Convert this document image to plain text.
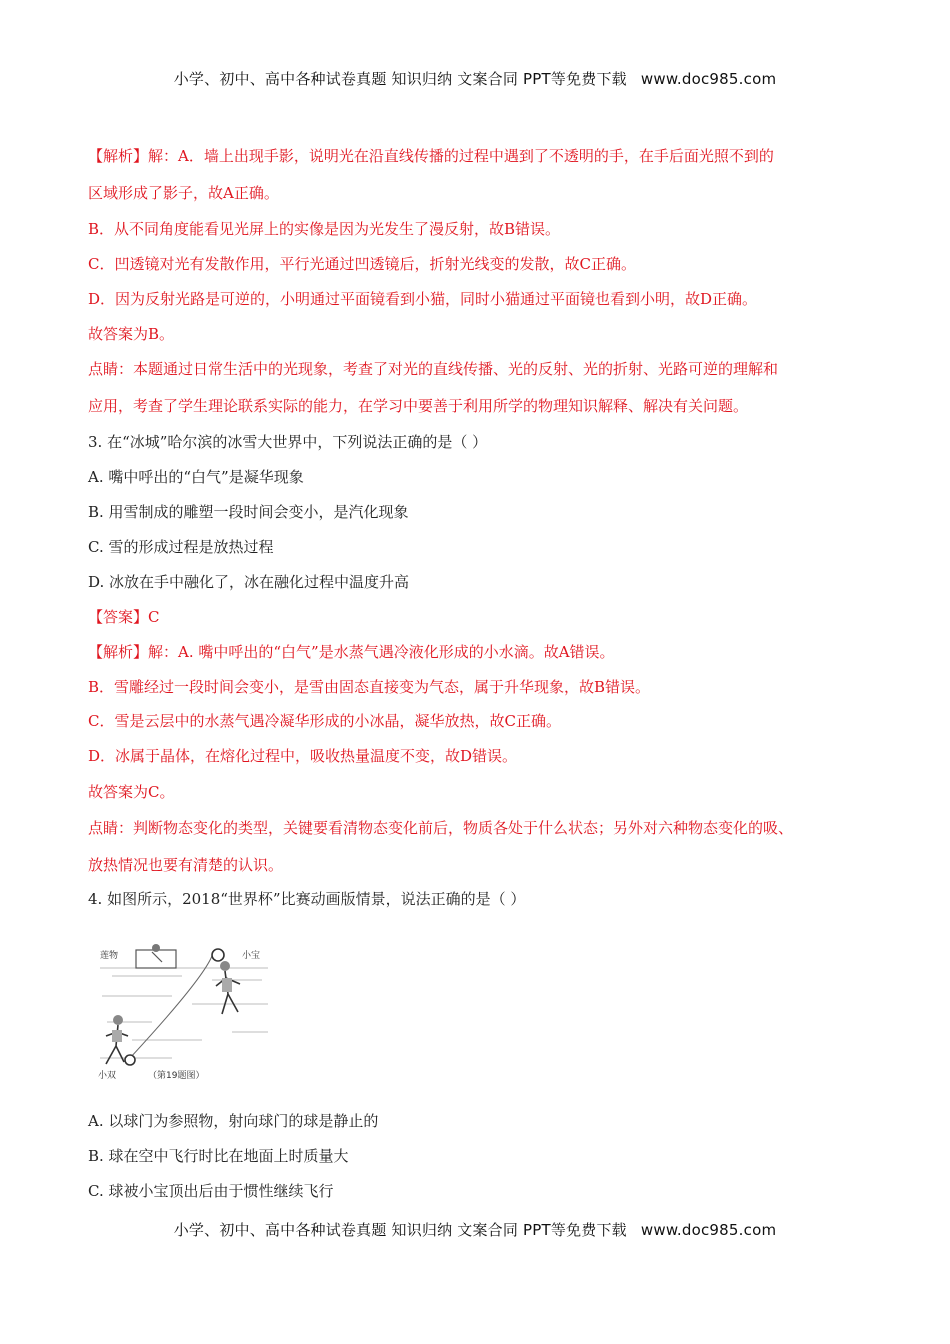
小学、初中、高中各种试卷真题 知识归纳 文案合同 PPT等免费下载 www.doc985.com
【解析】解：A．墙上出现手影，说明光在沿直线传播的过程中遇到了不透明的手，在手后面光照不到的
区域形成了影子，故A正确。
B．从不同角度能看见光屏上的实像是因为光发生了漫反射，故B错误。
C．凹透镜对光有发散作用，平行光通过凹透镜后，折射光线变的发散，故C正确。
D．因为反射光路是可逆的，小明通过平面镜看到小猫，同时小猫通过平面镜也看到小明，故D正确。
故答案为B。
点睛：本题通过日常生活中的光现象，考查了对光的直线传播、光的反射、光的折射、光路可逆的理解和
应用，考查了学生理论联系实际的能力，在学习中要善于利用所学的物理知识解释、解决有关问题。
3. 在“冰城”哈尔滨的冰雪大世界中，下列说法正确的是（ ）
A. 嘴中呼出的“白气”是凝华现象
B. 用雪制成的雕塑一段时间会变小，是汽化现象
C. 雪的形成过程是放热过程
D. 冰放在手中融化了，冰在融化过程中温度升高
【答案】C
【解析】解：A. 嘴中呼出的“白气”是水蒸气遇冷液化形成的小水滴。故A错误。
B．雪雕经过一段时间会变小，是雪由固态直接变为气态，属于升华现象，故B错误。
C．雪是云层中的水蒸气遇冷凝华形成的小冰晶，凝华放热，故C正确。
D．冰属于晶体，在熔化过程中，吸收热量温度不变，故D错误。
故答案为C。
点睛：判断物态变化的类型，关键要看清物态变化前后，物质各处于什么状态；另外对六种物态变化的吸、
放热情况也要有清楚的认识。
4. 如图所示，2018“世界杯”比赛动画版情景，说法正确的是（ ）
莲物	小宝
小双	（第19题图）
A. 以球门为参照物，射向球门的球是静止的
B. 球在空中飞行时比在地面上时质量大
C. 球被小宝顶出后由于惯性继续飞行
小学、初中、高中各种试卷真题 知识归纳 文案合同 PPT等免费下载 www.doc985.com
